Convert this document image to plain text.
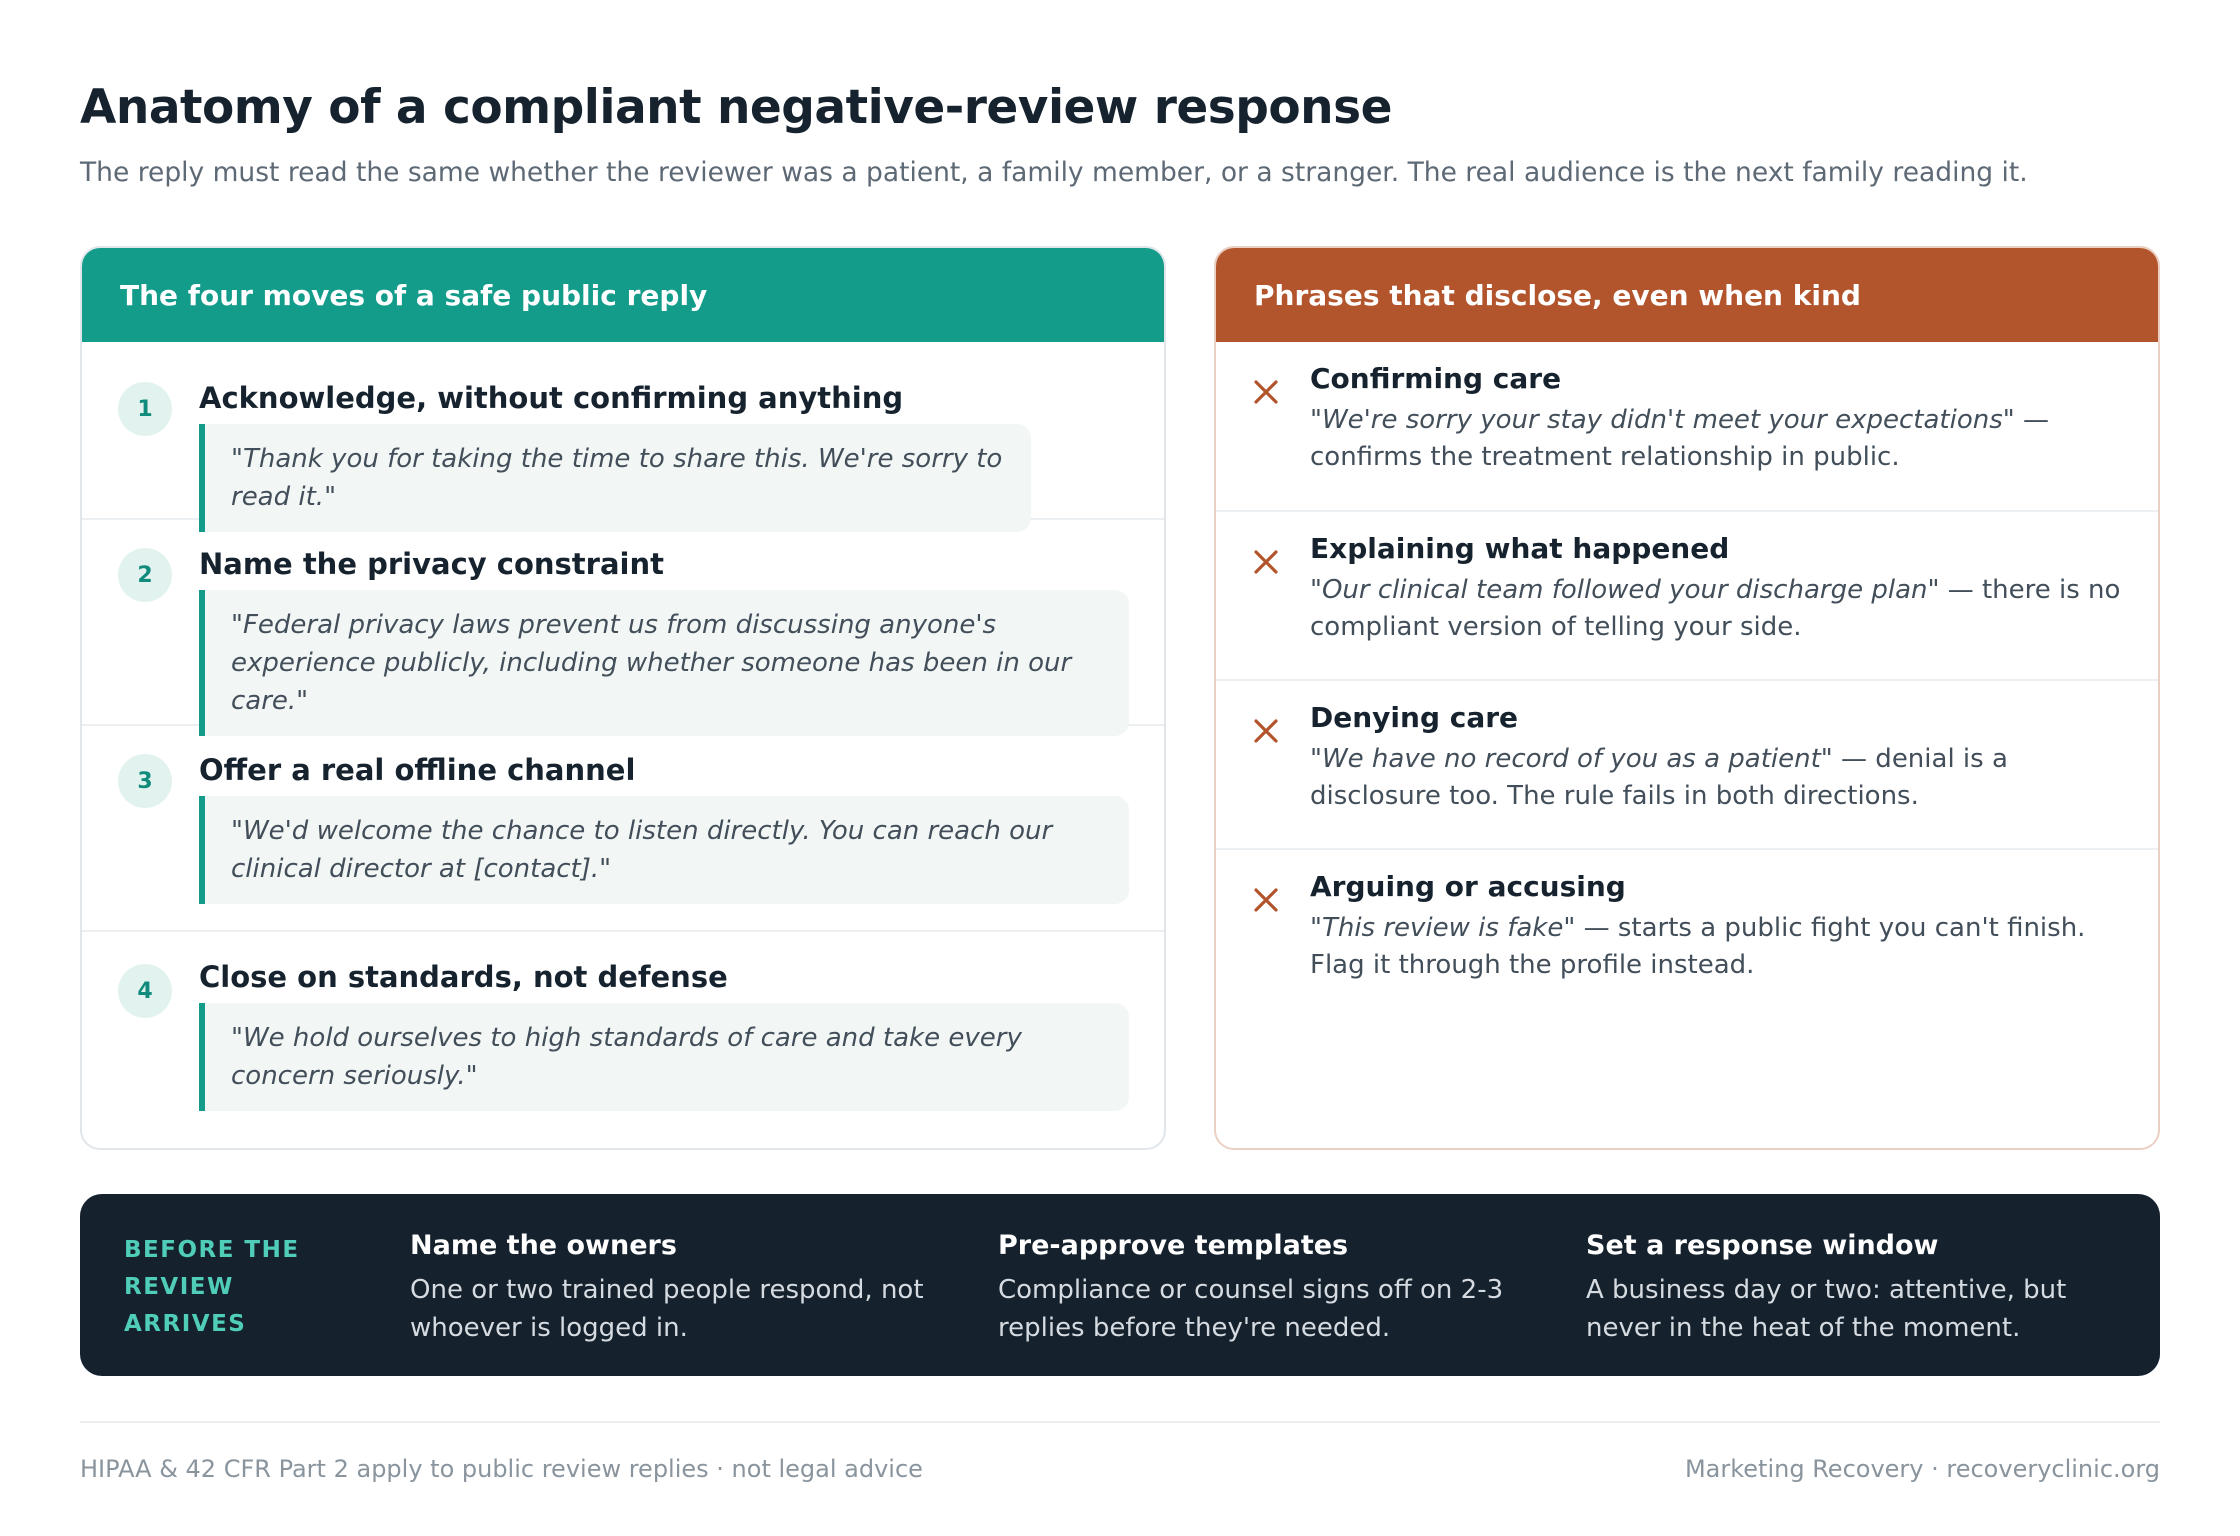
Anatomy of a compliant negative-review response

The reply must read the same whether the reviewer was a patient, a family member, or a stranger. The real audience is the next family reading it.

The four moves of a safe public reply
1	Acknowledge, without confirming anything
"Thank you for taking the time to share this. We're sorry to read it."
2	Name the privacy constraint
"Federal privacy laws prevent us from discussing anyone's experience publicly, including whether someone has been in our care."
3	Offer a real offline channel
"We'd welcome the chance to listen directly. You can reach our clinical director at [contact]."
4	Close on standards, not defense
"We hold ourselves to high standards of care and take every concern seriously."
Phrases that disclose, even when kind
Confirming care
"We're sorry your stay didn't meet your expectations" — confirms the treatment relationship in public.
Explaining what happened
"Our clinical team followed your discharge plan" — there is no compliant version of telling your side.
Denying care
"We have no record of you as a patient" — denial is a disclosure too. The rule fails in both directions.
Arguing or accusing
"This review is fake" — starts a public fight you can't finish. Flag it through the profile instead.
BEFORE THE REVIEW ARRIVES
Name the owners
One or two trained people respond, not whoever is logged in.
Pre-approve templates
Compliance or counsel signs off on 2-3 replies before they're needed.
Set a response window
A business day or two: attentive, but never in the heat of the moment.
HIPAA & 42 CFR Part 2 apply to public review replies · not legal advice	Marketing Recovery · recoveryclinic.org
